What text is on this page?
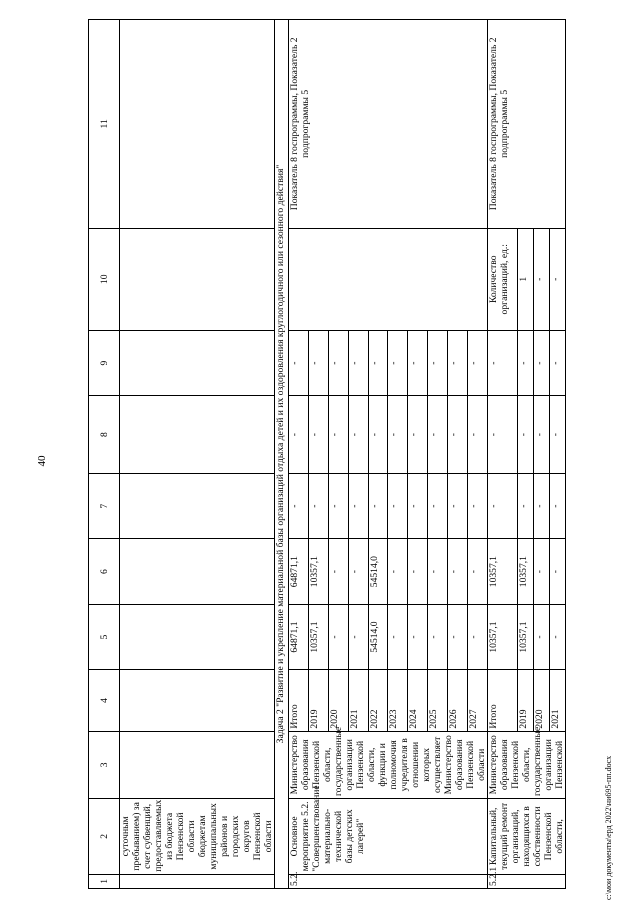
40
1	2	3	4	5	6	7	8	9	10	11
	суточным пребыванием) за счет субвенций, предоставляемых из бюджета Пензенской области бюджетам муниципальных районов и городских округов Пензенской области									
Задача 2 "Развитие и укрепление материальной базы организаций отдыха детей и их оздоровления круглогодичного или сезонного действия"										
5.2.	Основное мероприятие 5.2. "Совершенствование материально-технической базы детских лагерей"	Министерство образования Пензенской области, государственные организации Пензенской области, функции и полномочия учредителя в отношении которых осуществляет Министерство образования Пензенской области	Итого	64871,1	64871,1	-	-	-		Показатель 8 госпрограммы, Показатель 2 подпрограммы 5
			2019	10357,1	10357,1	-	-	-		
			2020	-	-	-	-	-		
			2021	-	-	-	-	-		
			2022	54514,0	54514,0	-	-	-		
			2023	-	-	-	-	-		
			2024	-	-	-	-	-		
			2025	-	-	-	-	-		
			2026	-	-	-	-	-		
			2027	-	-	-	-	-		
5.2.1	Капитальный, текущий ремонт организаций, находящихся в собственности Пензенской области,	Министерство образования Пензенской области, государственные организации Пензенской	Итого	10357,1	10357,1	-	-	-	Количество организаций, ед.:	Показатель 8 госпрограммы, Показатель 2 подпрограммы 5
			2019	10357,1	10357,1	-	-	-	1	
			2020	-	-	-	-	-	-	
			2021	-	-	-	-	-	-	
c:\мои документы\ерд 2022\ни695-пп.docx
